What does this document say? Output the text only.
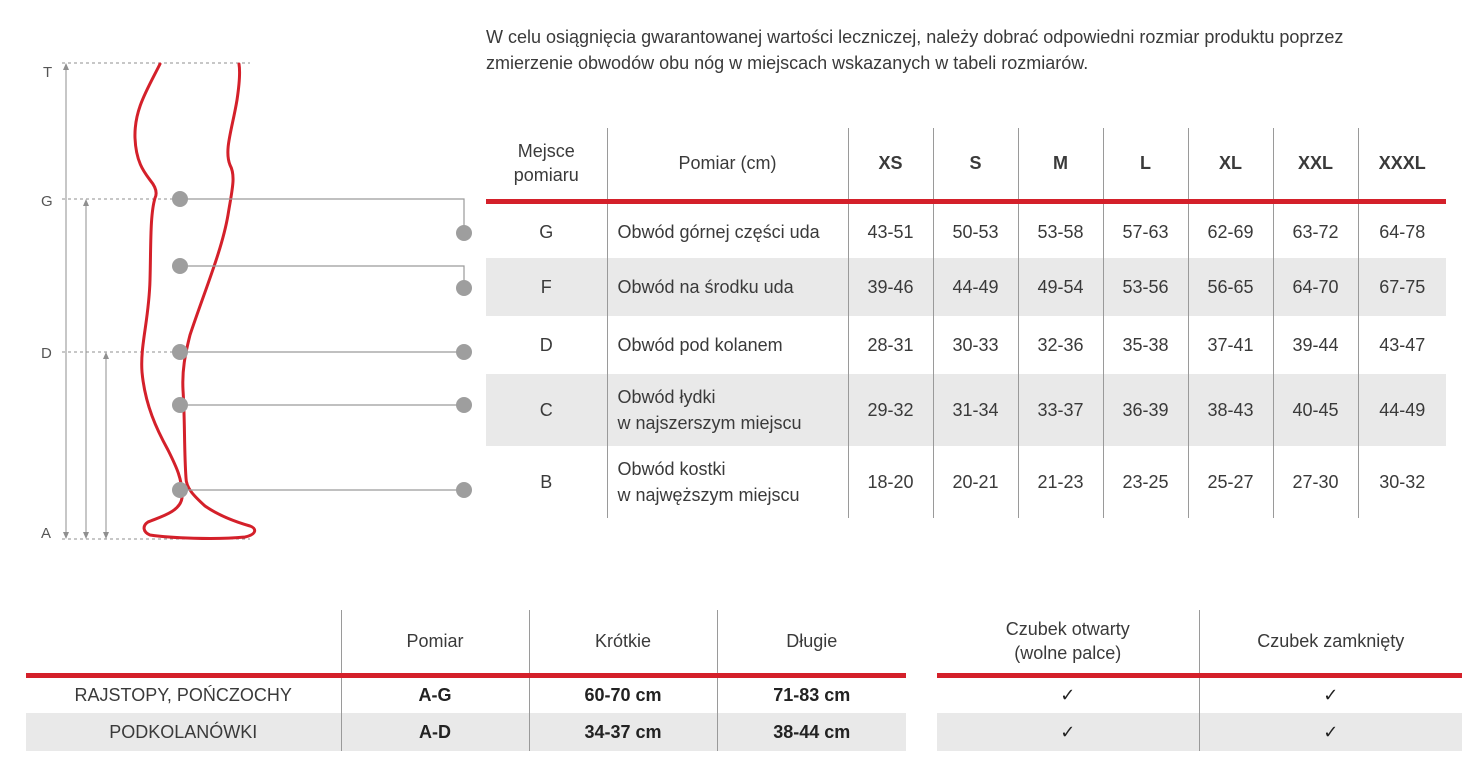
T
G
D
A

W celu osiągnięcia gwarantowanej wartości leczniczej, należy dobrać odpowiedni rozmiar produktu poprzez

zmierzenie obwodów obu nóg w miejscach wskazanych w tabeli rozmiarów.

Mejsce
pomiaru	Pomiar (cm)	XS	S	M	L	XL	XXL	XXXL
G	Obwód górnej części uda	43-51	50-53	53-58	57-63	62-69	63-72	64-78
F	Obwód na środku uda	39-46	44-49	49-54	53-56	56-65	64-70	67-75
D	Obwód pod kolanem	28-31	30-33	32-36	35-38	37-41	39-44	43-47
C	Obwód łydki
w najszerszym miejscu	29-32	31-34	33-37	36-39	38-43	40-45	44-49
B	Obwód kostki
w najwęższym miejscu	18-20	20-21	21-23	23-25	25-27	27-30	30-32
	Pomiar	Krótkie	Długie
RAJSTOPY, POŃCZOCHY	A-G	60-70 cm	71-83 cm
PODKOLANÓWKI	A-D	34-37 cm	38-44 cm
Czubek otwarty
(wolne palce)	Czubek zamknięty
✓	✓
✓	✓
